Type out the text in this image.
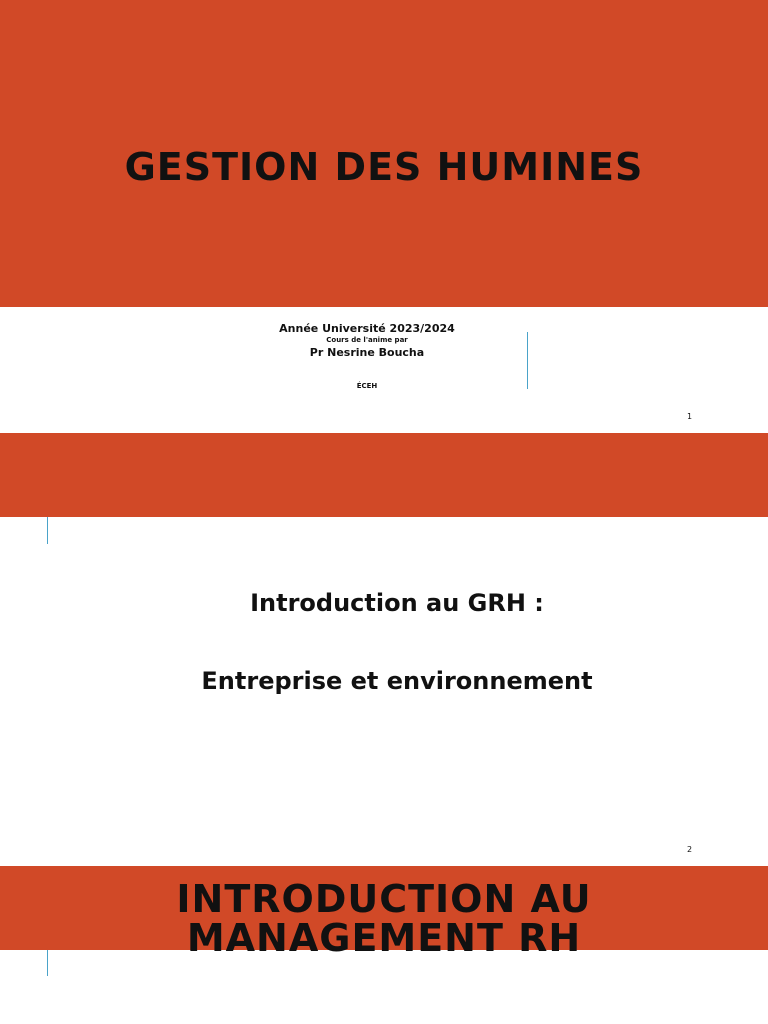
GESTION DES HUMINES
Année Université 2023/2024
Cours de l'anime par
Pr Nesrine Boucha
ÉCEH
1
Introduction au GRH :
Entreprise et environnement
2
INTRODUCTION AU
MANAGEMENT RH
